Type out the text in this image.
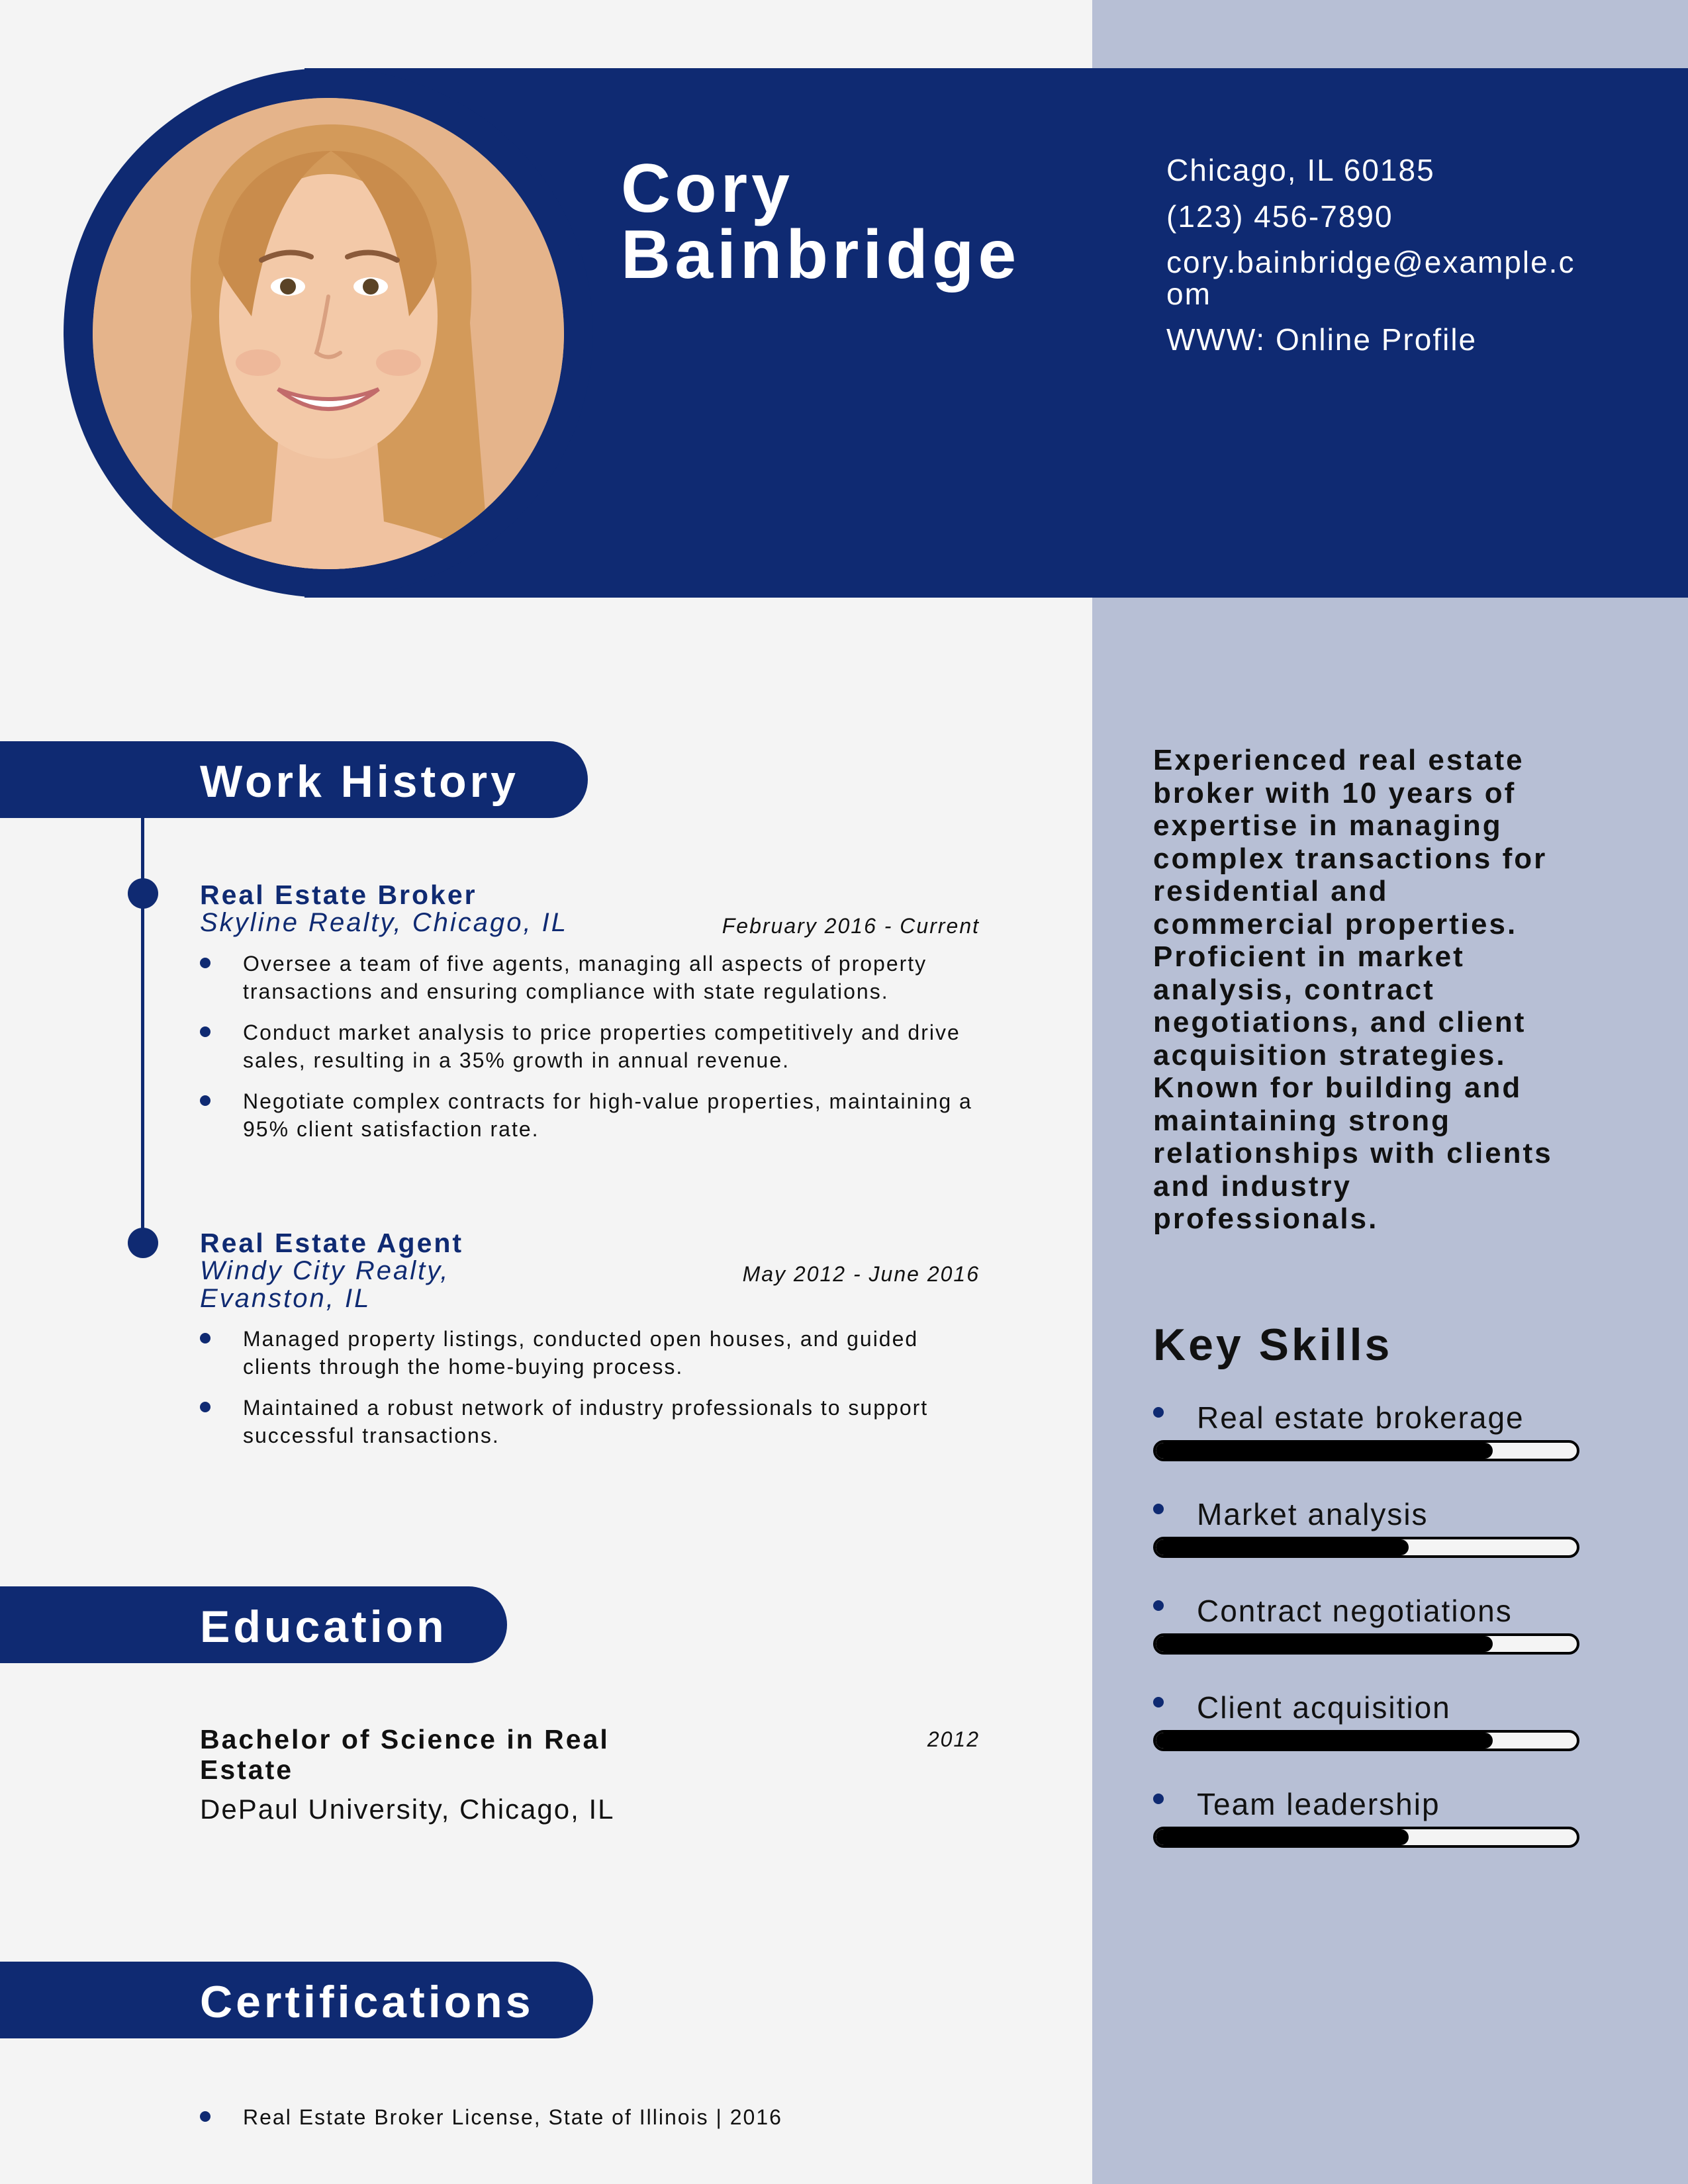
Cory
Bainbridge
Chicago, IL 60185
(123) 456-7890
cory.bainbridge@example.com
WWW: Online Profile
Work History
Real Estate Broker
Skyline Realty, Chicago, IL	February 2016 - Current
Oversee a team of five agents, managing all aspects of property transactions and ensuring compliance with state regulations.
Conduct market analysis to price properties competitively and drive sales, resulting in a 35% growth in annual revenue.
Negotiate complex contracts for high-value properties, maintaining a 95% client satisfaction rate.
Real Estate Agent
Windy City Realty, Evanston, IL
May 2012 - June 2016
Managed property listings, conducted open houses, and guided clients through the home-buying process.
Maintained a robust network of industry professionals to support successful transactions.
Education
Bachelor of Science in Real Estate
2012
DePaul University, Chicago, IL
Certifications
Real Estate Broker License, State of Illinois | 2016
Experienced real estate broker with 10 years of expertise in managing complex transactions for residential and commercial properties. Proficient in market analysis, contract negotiations, and client acquisition strategies. Known for building and maintaining strong relationships with clients and industry professionals.
Key Skills
Real estate brokerage
Market analysis
Contract negotiations
Client acquisition
Team leadership
